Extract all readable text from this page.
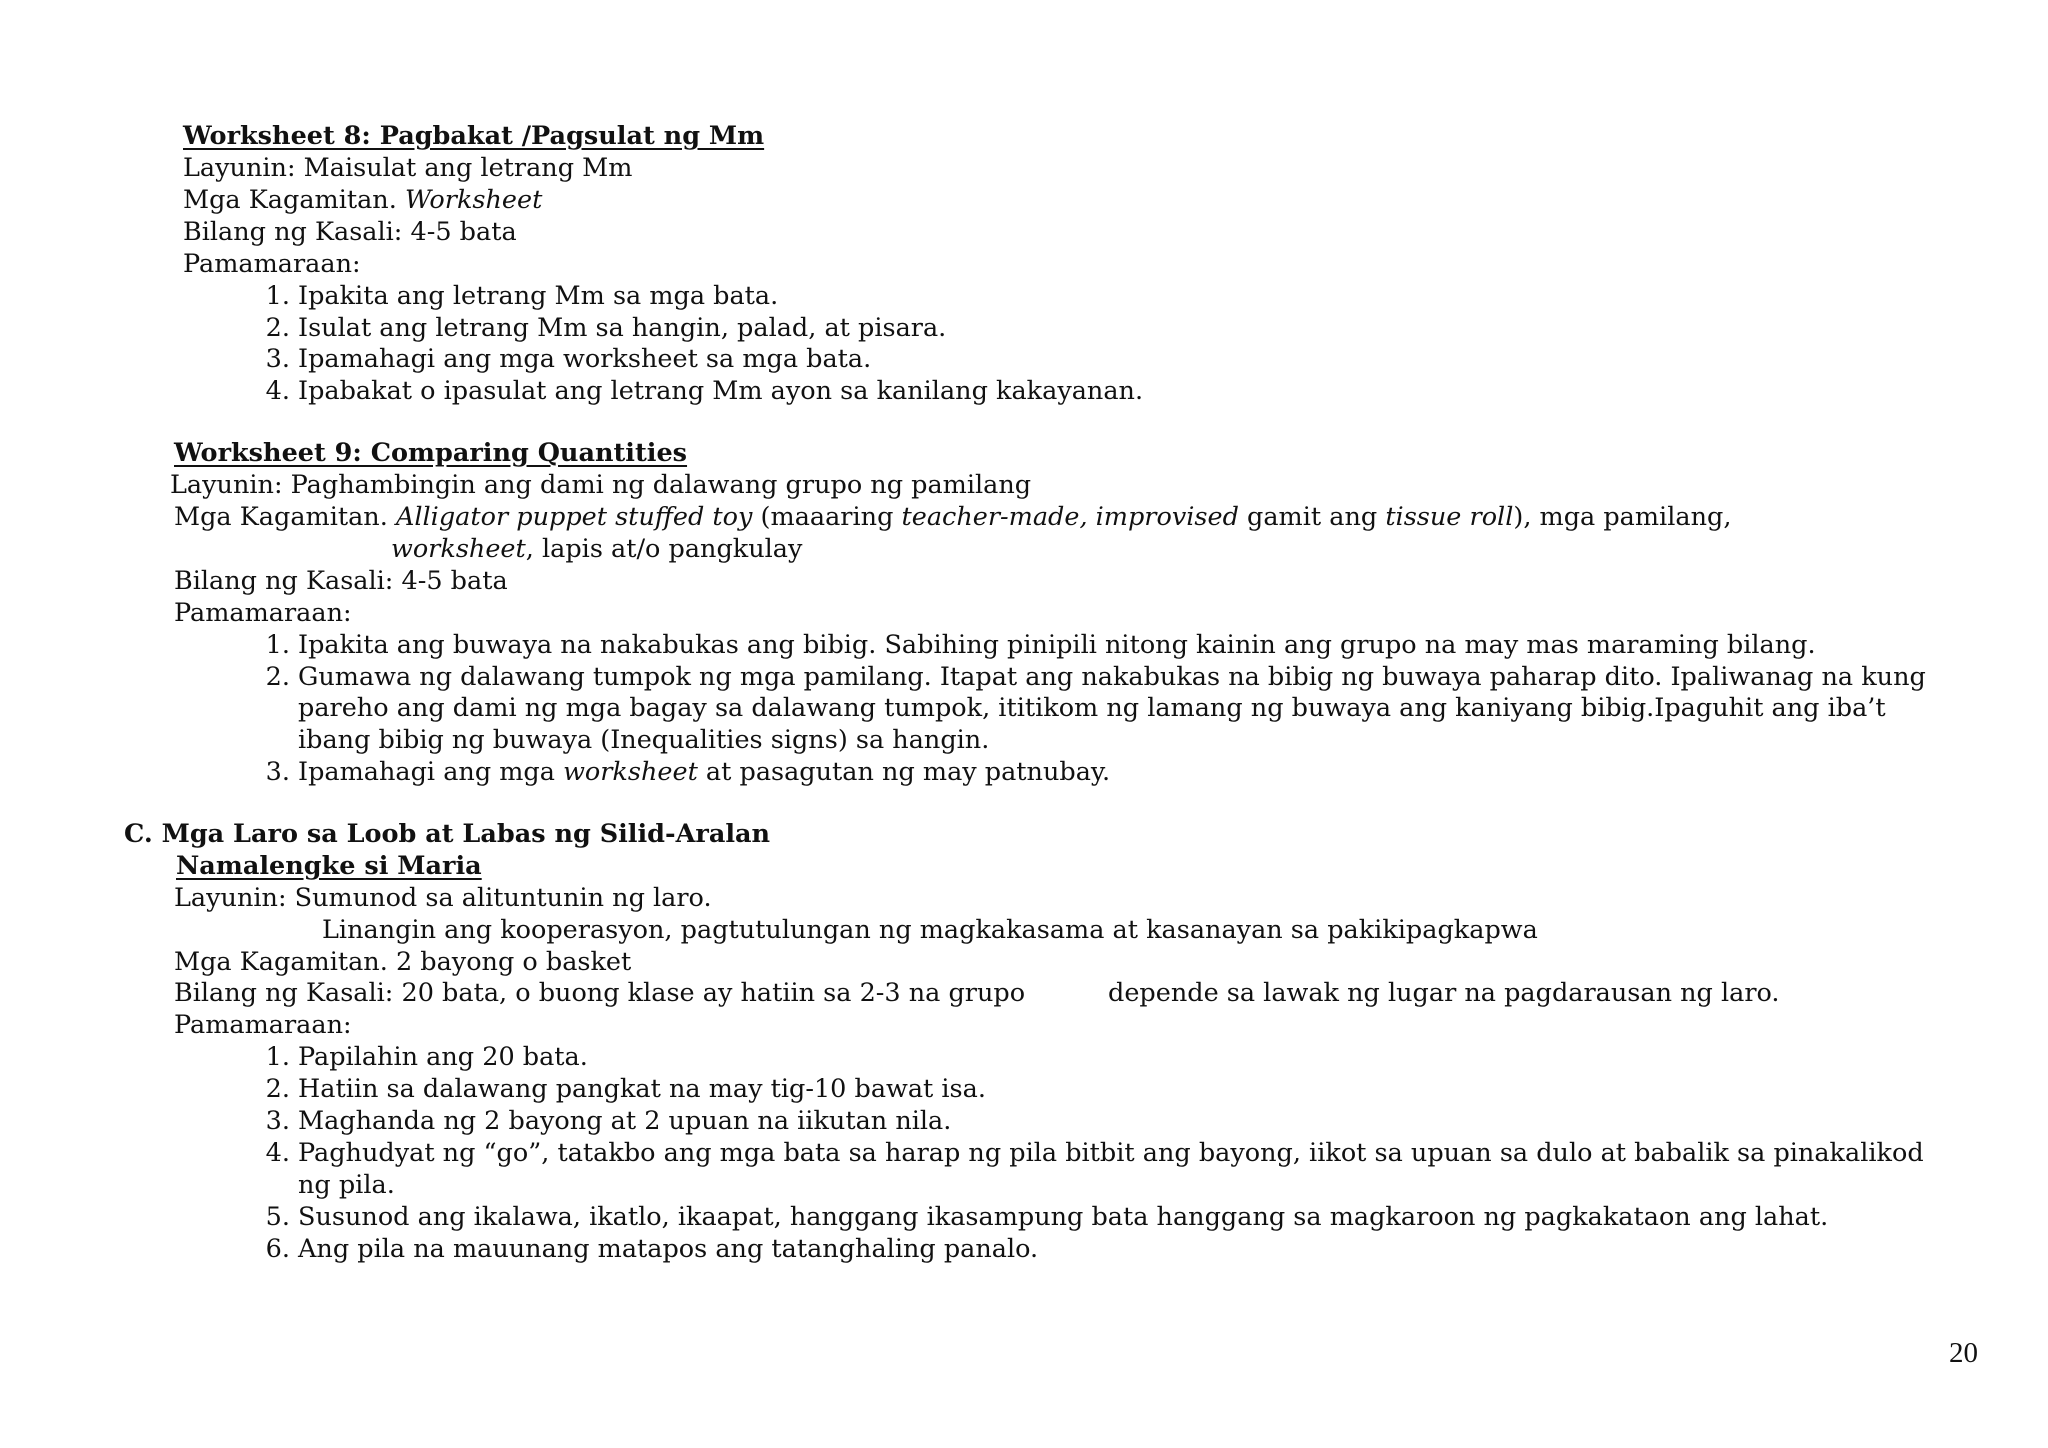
Worksheet 8: Pagbakat /Pagsulat ng Mm
Layunin: Maisulat ang letrang Mm
Mga Kagamitan. Worksheet
Bilang ng Kasali: 4-5 bata
Pamamaraan:
1. Ipakita ang letrang Mm sa mga bata.
2. Isulat ang letrang Mm sa hangin, palad, at pisara.
3. Ipamahagi ang mga worksheet sa mga bata.
4. Ipabakat o ipasulat ang letrang Mm ayon sa kanilang kakayanan.
Worksheet 9: Comparing Quantities
Layunin: Paghambingin ang dami ng dalawang grupo ng pamilang
Mga Kagamitan. Alligator puppet stuffed toy (maaaring teacher-made, improvised gamit ang tissue roll), mga pamilang,
worksheet, lapis at/o pangkulay
Bilang ng Kasali: 4-5 bata
Pamamaraan:
1. Ipakita ang buwaya na nakabukas ang bibig. Sabihing pinipili nitong kainin ang grupo na may mas maraming bilang.
2. Gumawa ng dalawang tumpok ng mga pamilang. Itapat ang nakabukas na bibig ng buwaya paharap dito. Ipaliwanag na kung
pareho ang dami ng mga bagay sa dalawang tumpok, ititikom ng lamang ng buwaya ang kaniyang bibig.Ipaguhit ang iba’t
ibang bibig ng buwaya (Inequalities signs) sa hangin.
3. Ipamahagi ang mga worksheet at pasagutan ng may patnubay.
C. Mga Laro sa Loob at Labas ng Silid-Aralan
Namalengke si Maria
Layunin: Sumunod sa alituntunin ng laro.
Linangin ang kooperasyon, pagtutulungan ng magkakasama at kasanayan sa pakikipagkapwa
Mga Kagamitan. 2 bayong o basket
Bilang ng Kasali: 20 bata, o buong klase ay hatiin sa 2-3 na grupo	depende sa lawak ng lugar na pagdarausan ng laro.
Pamamaraan:
1. Papilahin ang 20 bata.
2. Hatiin sa dalawang pangkat na may tig-10 bawat isa.
3. Maghanda ng 2 bayong at 2 upuan na iikutan nila.
4. Paghudyat ng “go”, tatakbo ang mga bata sa harap ng pila bitbit ang bayong, iikot sa upuan sa dulo at babalik sa pinakalikod
ng pila.
5. Susunod ang ikalawa, ikatlo, ikaapat, hanggang ikasampung bata hanggang sa magkaroon ng pagkakataon ang lahat.
6. Ang pila na mauunang matapos ang tatanghaling panalo.
20
